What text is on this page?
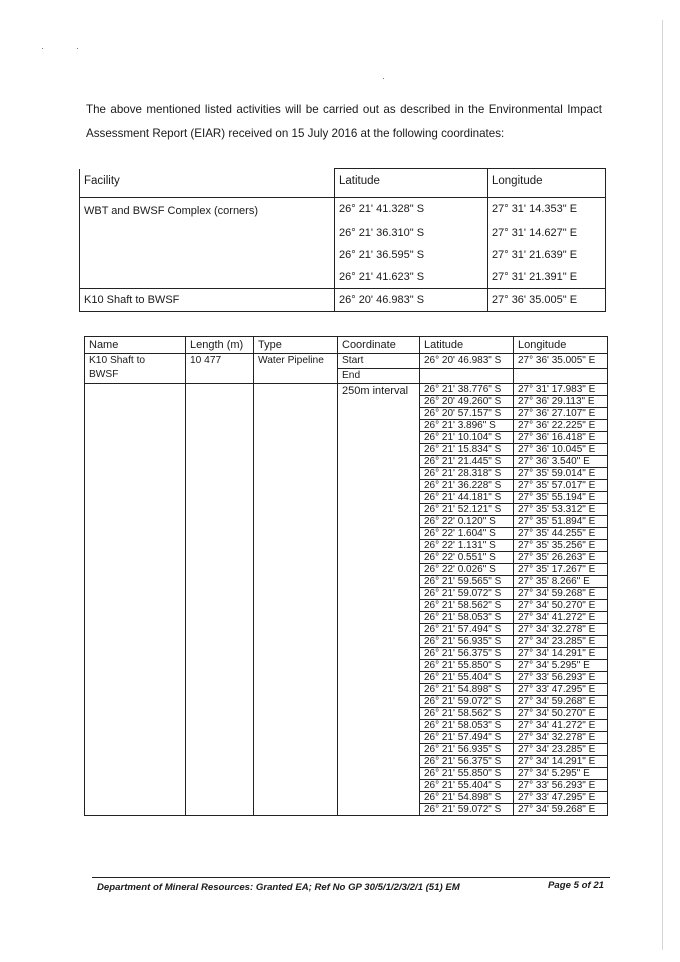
The above mentioned listed activities will be carried out as described in the Environmental Impact

Assessment Report (EIAR) received on 15 July 2016 at the following coordinates:

Facility	Latitude	Longitude
WBT and BWSF Complex (corners)	26° 21' 41.328" S	27° 31' 14.353" E
	26° 21' 36.310" S	27° 31' 14.627" E
	26° 21' 36.595" S	27° 31' 21.639" E
	26° 21' 41.623" S	27° 31' 21.391" E
K10 Shaft to BWSF	26° 20' 46.983" S	27° 36' 35.005" E
Name	Length (m)	Type	Coordinate	Latitude	Longitude
K10 Shaft to
BWSF	10 477	Water Pipeline	Start	26° 20' 46.983" S	27° 36' 35.005" E
			End		
			250m interval	26° 21' 38.776" S	27° 31' 17.983" E
				26° 20' 49.260" S	27° 36' 29.113" E
				26° 20' 57.157" S	27° 36' 27.107" E
				26° 21' 3.896" S	27° 36' 22.225" E
				26° 21' 10.104" S	27° 36' 16.418" E
				26° 21' 15.834" S	27° 36' 10.045" E
				26° 21' 21.445" S	27° 36' 3.540" E
				26° 21' 28.318" S	27° 35' 59.014" E
				26° 21' 36.228" S	27° 35' 57.017" E
				26° 21' 44.181" S	27° 35' 55.194" E
				26° 21' 52.121" S	27° 35' 53.312" E
				26° 22' 0.120" S	27° 35' 51.894" E
				26° 22' 1.604" S	27° 35' 44.255" E
				26° 22' 1.131" S	27° 35' 35.256" E
				26° 22' 0.551" S	27° 35' 26.263" E
				26° 22' 0.026" S	27° 35' 17.267" E
				26° 21' 59.565" S	27° 35' 8.266" E
				26° 21' 59.072" S	27° 34' 59.268" E
				26° 21' 58.562" S	27° 34' 50.270" E
				26° 21' 58.053" S	27° 34' 41.272" E
				26° 21' 57.494" S	27° 34' 32.278" E
				26° 21' 56.935" S	27° 34' 23.285" E
				26° 21' 56.375" S	27° 34' 14.291" E
				26° 21' 55.850" S	27° 34' 5.295" E
				26° 21' 55.404" S	27° 33' 56.293" E
				26° 21' 54.898" S	27° 33' 47.295" E
				26° 21' 59.072" S	27° 34' 59.268" E
				26° 21' 58.562" S	27° 34' 50.270" E
				26° 21' 58.053" S	27° 34' 41.272" E
				26° 21' 57.494" S	27° 34' 32.278" E
				26° 21' 56.935" S	27° 34' 23.285" E
				26° 21' 56.375" S	27° 34' 14.291" E
				26° 21' 55.850" S	27° 34' 5.295" E
				26° 21' 55.404" S	27° 33' 56.293" E
				26° 21' 54.898" S	27° 33' 47.295" E
				26° 21' 59.072" S	27° 34' 59.268" E
Department of Mineral Resources: Granted EA; Ref No GP 30/5/1/2/3/2/1 (51) EM	Page 5 of 21
